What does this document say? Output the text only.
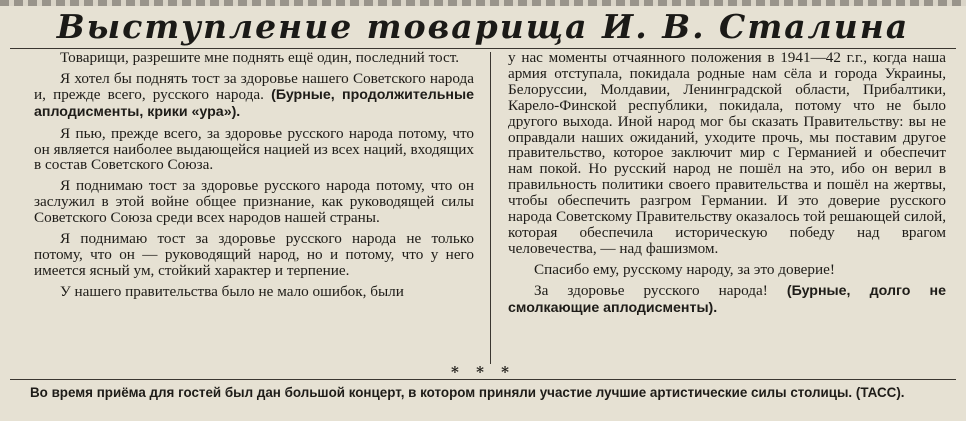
Выступление товарища И. В. Сталина

Товарищи, разрешите мне поднять ещё один, последний тост.

Я хотел бы поднять тост за здоровье нашего Советского народа и, прежде всего, русского народа. (Бурные, продолжительные аплодисменты, крики «ура»).

Я пью, прежде всего, за здоровье русского народа потому, что он является наиболее выдающейся нацией из всех наций, входящих в состав Советского Союза.

Я поднимаю тост за здоровье русского народа потому, что он заслужил в этой войне общее признание, как руководящей силы Советского Союза среди всех народов нашей страны.

Я поднимаю тост за здоровье русского народа не только потому, что он — руководящий народ, но и потому, что у него имеется ясный ум, стойкий характер и терпение.

У нашего правительства было не мало ошибок, были

у нас моменты отчаянного положения в 1941—42 г.г., когда наша армия отступала, покидала родные нам сёла и города Украины, Белоруссии, Молдавии, Ленинградской области, Прибалтики, Карело-Финской республики, покидала, потому что не было другого выхода. Иной народ мог бы сказать Правительству: вы не оправдали наших ожиданий, уходите прочь, мы поставим другое правительство, которое заключит мир с Германией и обеспечит нам покой. Но русский народ не пошёл на это, ибо он верил в правильность политики своего правительства и пошёл на жертвы, чтобы обеспечить разгром Германии. И это доверие русского народа Советскому Правительству оказалось той решающей силой, которая обеспечила историческую победу над врагом человечества, — над фашизмом.

Спасибо ему, русскому народу, за это доверие!

За здоровье русского народа! (Бурные, долго не смолкающие аплодисменты).

* * *
Во время приёма для гостей был дан большой концерт, в котором приняли участие лучшие артистические силы столицы. (ТАСС).
